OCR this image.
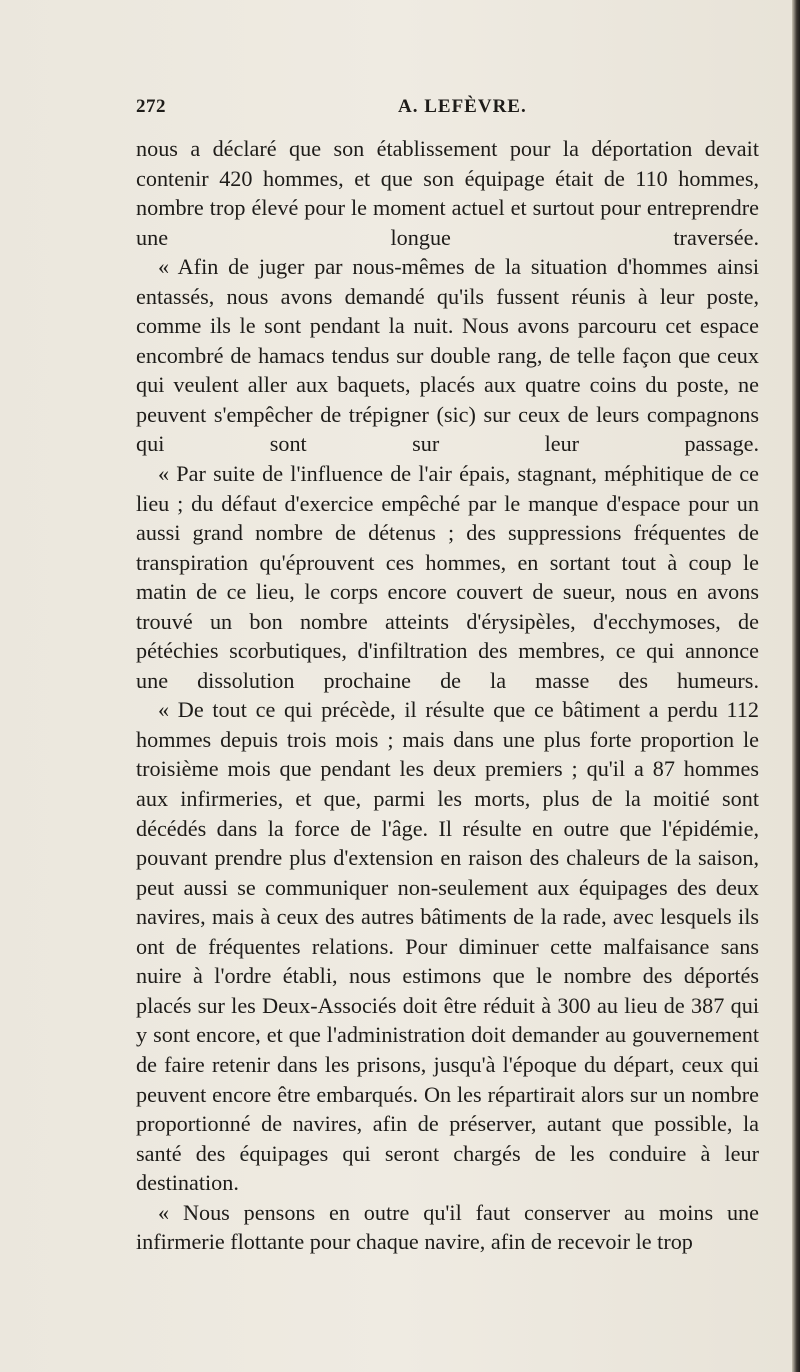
272	A. LEFÈVRE.

nous a déclaré que son établissement pour la déportation devait contenir 420 hommes, et que son équipage était de 110 hommes, nombre trop élevé pour le moment actuel et surtout pour entreprendre une longue traversée.

« Afin de juger par nous-mêmes de la situation d'hommes ainsi entassés, nous avons demandé qu'ils fussent réunis à leur poste, comme ils le sont pendant la nuit. Nous avons parcouru cet espace encombré de hamacs tendus sur double rang, de telle façon que ceux qui veulent aller aux baquets, placés aux quatre coins du poste, ne peuvent s'empêcher de trépigner (sic) sur ceux de leurs compagnons qui sont sur leur passage.

« Par suite de l'influence de l'air épais, stagnant, méphitique de ce lieu ; du défaut d'exercice empêché par le manque d'espace pour un aussi grand nombre de détenus ; des suppressions fréquentes de transpiration qu'éprouvent ces hommes, en sortant tout à coup le matin de ce lieu, le corps encore couvert de sueur, nous en avons trouvé un bon nombre atteints d'érysipèles, d'ecchymoses, de pétéchies scorbutiques, d'infiltration des membres, ce qui annonce une dissolution prochaine de la masse des humeurs.

« De tout ce qui précède, il résulte que ce bâtiment a perdu 112 hommes depuis trois mois ; mais dans une plus forte proportion le troisième mois que pendant les deux premiers ; qu'il a 87 hommes aux infirmeries, et que, parmi les morts, plus de la moitié sont décédés dans la force de l'âge. Il résulte en outre que l'épidémie, pouvant prendre plus d'extension en raison des chaleurs de la saison, peut aussi se communiquer non-seulement aux équipages des deux navires, mais à ceux des autres bâtiments de la rade, avec lesquels ils ont de fréquentes relations. Pour diminuer cette malfaisance sans nuire à l'ordre établi, nous estimons que le nombre des déportés placés sur les Deux-Associés doit être réduit à 300 au lieu de 387 qui y sont encore, et que l'administration doit demander au gouvernement de faire retenir dans les prisons, jusqu'à l'époque du départ, ceux qui peuvent encore être embarqués. On les répartirait alors sur un nombre proportionné de navires, afin de préserver, autant que possible, la santé des équipages qui seront chargés de les conduire à leur destination.

« Nous pensons en outre qu'il faut conserver au moins une infirmerie flottante pour chaque navire, afin de recevoir le trop
